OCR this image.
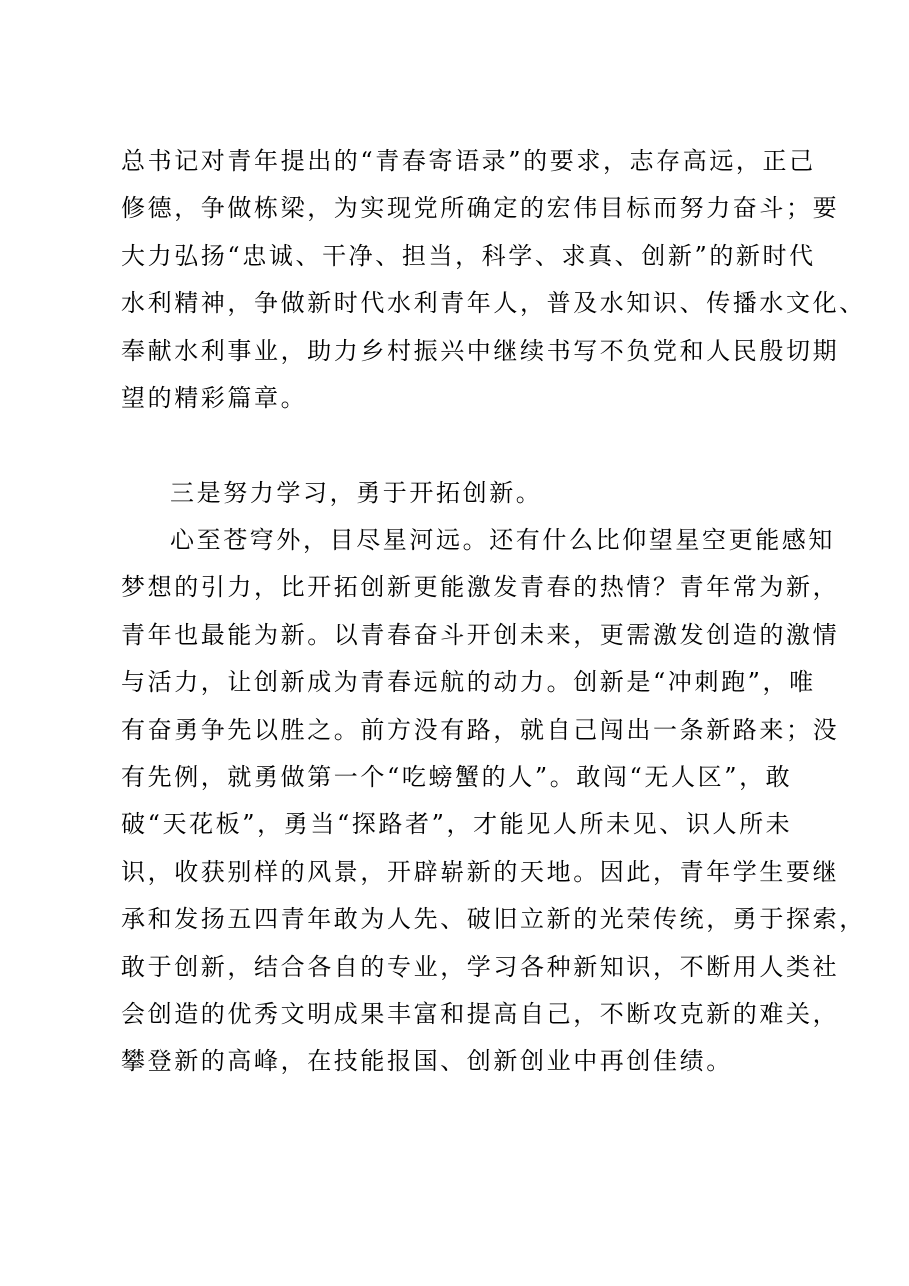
总书记对青年提出的“青春寄语录”的要求，志存高远，正己
修德，争做栋梁，为实现党所确定的宏伟目标而努力奋斗；要
大力弘扬“忠诚、干净、担当，科学、求真、创新”的新时代
水利精神，争做新时代水利青年人，普及水知识、传播水文化、
奉献水利事业，助力乡村振兴中继续书写不负党和人民殷切期
望的精彩篇章。
三是努力学习，勇于开拓创新。
心至苍穹外，目尽星河远。还有什么比仰望星空更能感知
梦想的引力，比开拓创新更能激发青春的热情？青年常为新，
青年也最能为新。以青春奋斗开创未来，更需激发创造的激情
与活力，让创新成为青春远航的动力。创新是“冲刺跑”，唯
有奋勇争先以胜之。前方没有路，就自己闯出一条新路来；没
有先例，就勇做第一个“吃螃蟹的人”。敢闯“无人区”，敢
破“天花板”，勇当“探路者”，才能见人所未见、识人所未
识，收获别样的风景，开辟崭新的天地。因此，青年学生要继
承和发扬五四青年敢为人先、破旧立新的光荣传统，勇于探索，
敢于创新，结合各自的专业，学习各种新知识，不断用人类社
会创造的优秀文明成果丰富和提高自己，不断攻克新的难关，
攀登新的高峰，在技能报国、创新创业中再创佳绩。
